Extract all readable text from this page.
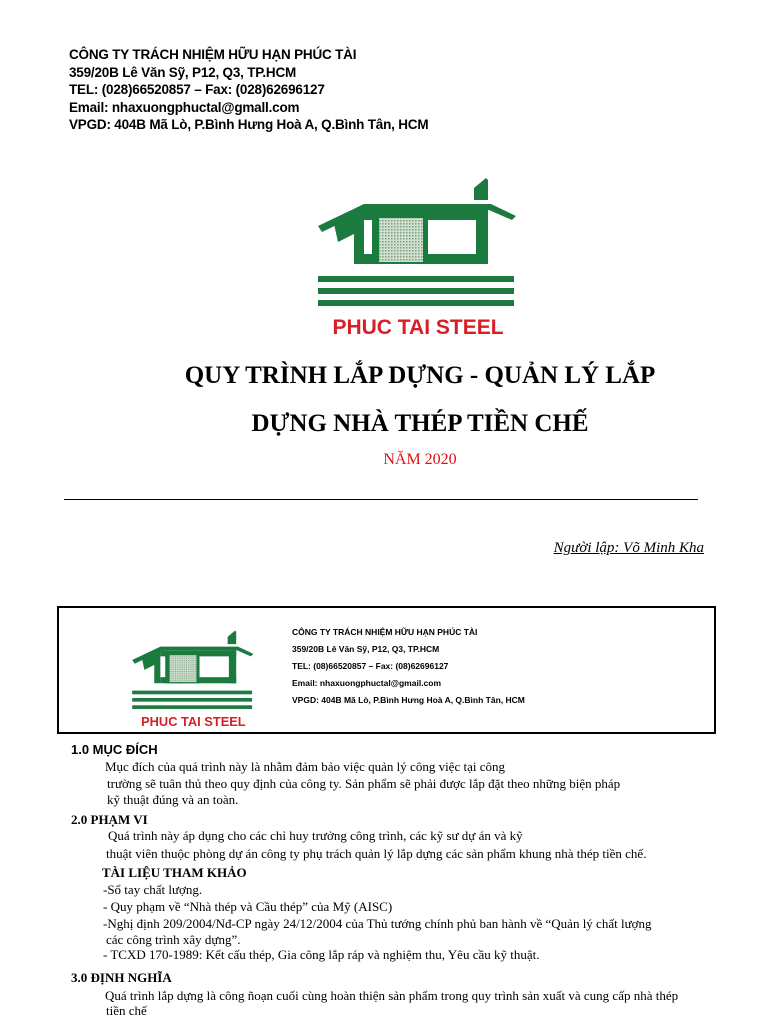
CÔNG TY TRÁCH NHIỆM HỮU HẠN PHÚC TÀI
359/20B Lê Văn Sỹ, P12, Q3, TP.HCM
TEL: (028)66520857 – Fax: (028)62696127
Email: nhaxuongphuctal@gmall.com
VPGD: 404B Mã Lò, P.Bình Hưng Hoà A, Q.Bình Tân, HCM
PHUC TAI STEEL
QUY TRÌNH LẮP DỰNG - QUẢN LÝ LẮP
DỰNG NHÀ THÉP TIỀN CHẾ
NĂM 2020
Người lập: Võ Minh Kha
PHUC TAI STEEL
CÔNG TY TRÁCH NHIỆM HỮU HẠN PHÚC TÀI
359/20B Lê Văn Sỹ, P12, Q3, TP.HCM
TEL: (08)66520857 – Fax: (08)62696127
Email: nhaxuongphuctal@gmail.com
VPGD: 404B Mã Lò, P.Bình Hưng Hoà A, Q.Bình Tân, HCM
1.0 MỤC ĐÍCH
Mục đích của quá trình này là nhằm đảm bảo việc quản lý công việc tại công
trường sẽ tuân thủ theo quy định của công ty. Sản phẩm sẽ phải được lắp đặt theo những biện pháp
kỹ thuật đúng và an toàn.
2.0 PHẠM VI
Quá trình này áp dụng cho các chỉ huy trưởng công trình, các kỹ sư dự án và kỹ
thuật viên thuộc phòng dự án công ty phụ trách quản lý lắp dựng các sản phẩm khung nhà thép tiền chế.
TÀI LIỆU THAM KHẢO
-Sổ tay chất lượng.
- Quy phạm về “Nhà thép và Cầu thép” của Mỹ (AISC)
-Nghị định 209/2004/Nđ-CP ngày 24/12/2004 của Thủ tướng chính phủ ban hành về “Quản lý chất lượng
các công trình xây dựng”.
- TCXD 170-1989: Kết cấu thép, Gia công lắp ráp và nghiệm thu, Yêu cầu kỹ thuật.
3.0 ĐỊNH NGHĨA
Quá trình lắp dựng là công ñoạn cuối cùng hoàn thiện sản phẩm trong quy trình sản xuất và cung cấp nhà thép
tiền chế
